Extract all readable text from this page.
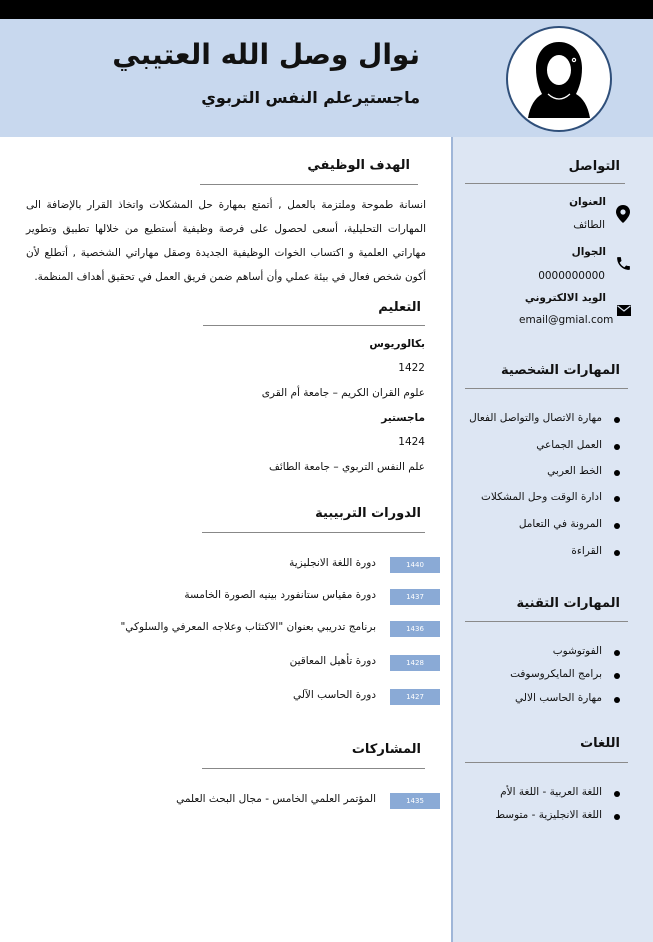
نوال وصل الله العتيبي
ماجستيرعلم النفس التربوي
الهدف الوظيفي
انسانة طموحة وملتزمة بالعمل , أتمتع بمهارة حل المشكلات واتخاذ القرار بالإضافة الى المهارات التحليلية، أسعى لحصول على فرصة وظيفية أستطيع من خلالها تطبيق وتطوير مهاراتي العلمية و اكتساب الخوات الوظيفية الجديدة وصقل مهاراتي الشخصية , أتطلع لأن أكون شخص فعال في بيئة عملي وأن أساهم ضمن فريق العمل في تحقيق أهداف المنظمة.
التعليم
بكالوريوس
1422
علوم القران الكريم – جامعة أم القرى
ماجستير
1424
علم النفس التربوي – جامعة الطائف
الدورات التربيبية
1440
دورة اللغة الانجليزية
1437
دورة مقياس ستانفورد بينيه الصورة الخامسة
1436
برنامج تدريبي بعنوان "الاكتئاب وعلاجه المعرفي والسلوكي"
1428
دورة تأهيل المعاقين
1427
دورة الحاسب الآلي
المشاركات
1435
المؤتمر العلمي الخامس - مجال البحث العلمي
التواصل
العنوان
الطائف
الجوال
0000000000
الويد الالكتروني
email@gmial.com
المهارات الشخصية
مهارة الاتصال والتواصل الفعال
العمل الجماعي
الخط العربي
ادارة الوقت وحل المشكلات
المرونة في التعامل
القراءة
المهارات التقنية
الفوتوشوب
برامج المايكروسوفت
مهارة الحاسب الالي
اللغات
اللغة العربية - اللغة الأم
اللغة الانجليزية - متوسط
